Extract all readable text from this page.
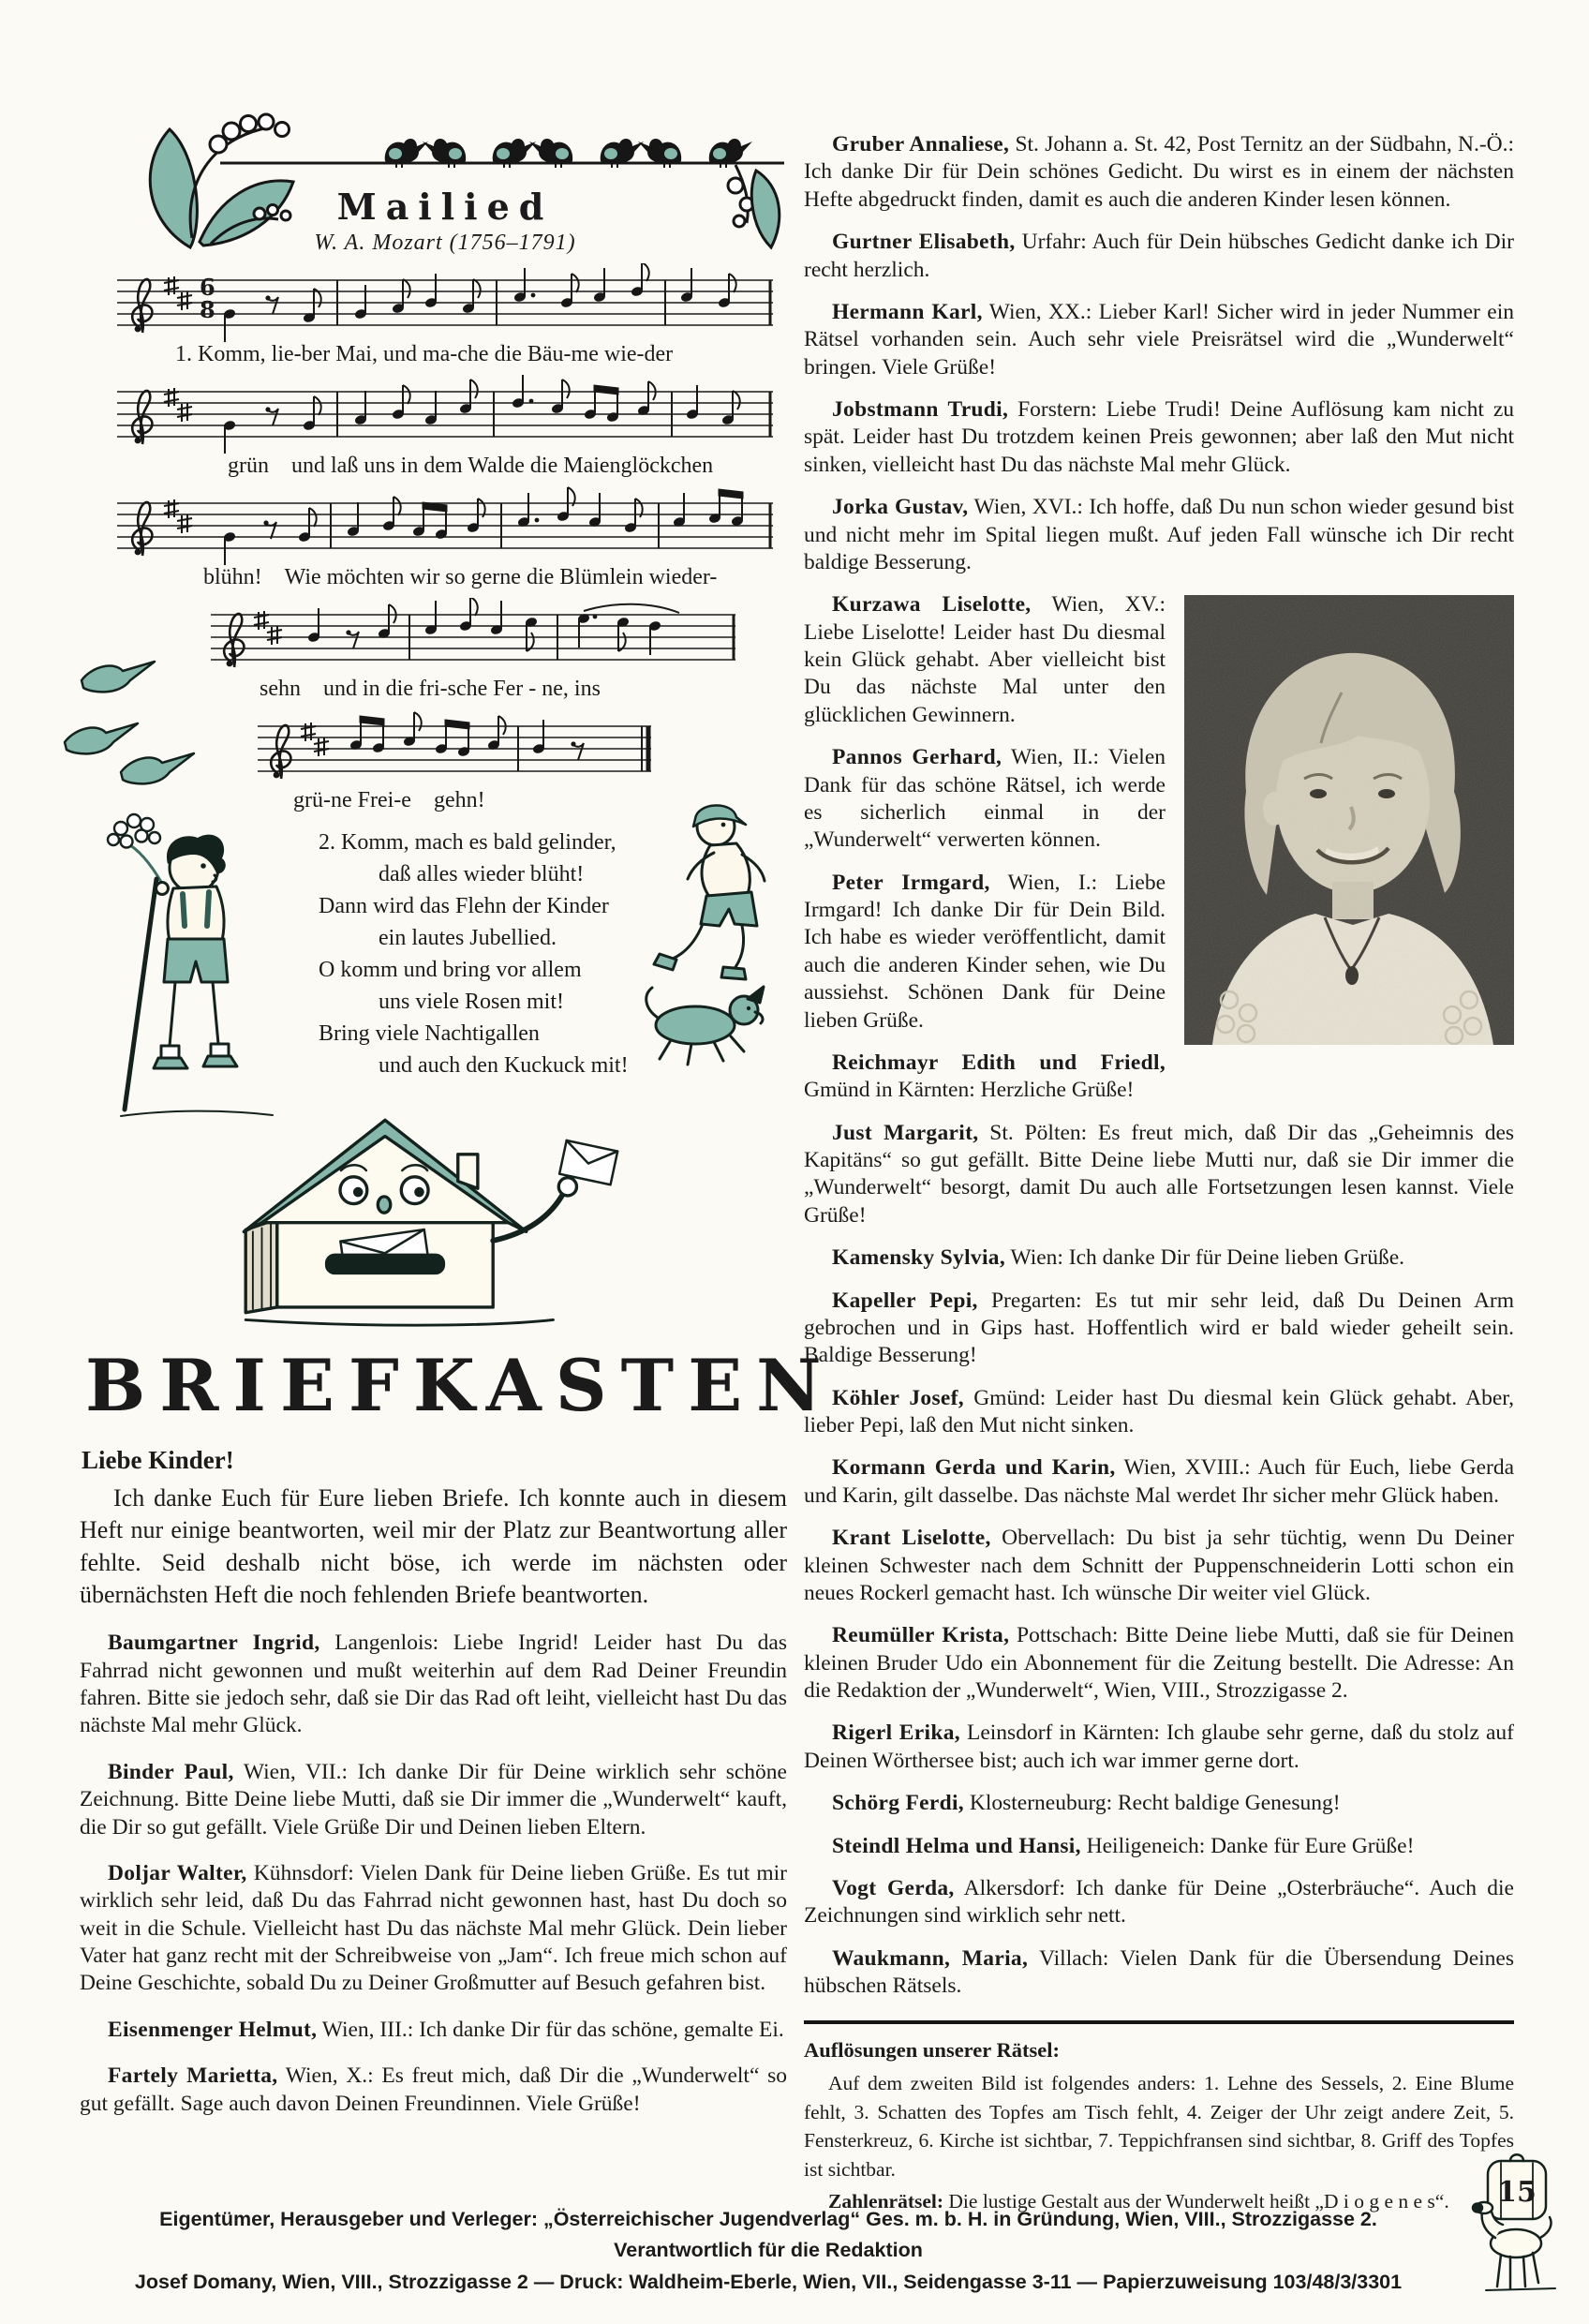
Mailied
W. A. Mozart (1756–1791)
6
8
1. Komm, lie-ber Mai, und ma-che die Bäu-me wie-der
grün und laß uns in dem Walde die Maienglöckchen
blühn! Wie möchten wir so gerne die Blümlein wieder-
sehn und in die fri-sche Fer - ne, ins
grü-ne Frei-e gehn!

2. Komm, mach es bald gelinder,

daß alles wieder blüht!

Dann wird das Flehn der Kinder

ein lautes Jubellied.

O komm und bring vor allem

uns viele Rosen mit!

Bring viele Nachtigallen

und auch den Kuckuck mit!

BRIEFKASTEN

Liebe Kinder!

Ich danke Euch für Eure lieben Briefe. Ich konnte auch in diesem Heft nur einige beantworten, weil mir der Platz zur Beantwortung aller fehlte. Seid deshalb nicht böse, ich werde im nächsten oder übernächsten Heft die noch fehlenden Briefe beantworten.

Baumgartner Ingrid, Langenlois: Liebe Ingrid! Leider hast Du das Fahrrad nicht gewonnen und mußt weiterhin auf dem Rad Deiner Freundin fahren. Bitte sie jedoch sehr, daß sie Dir das Rad oft leiht, vielleicht hast Du das nächste Mal mehr Glück.

Binder Paul, Wien, VII.: Ich danke Dir für Deine wirklich sehr schöne Zeichnung. Bitte Deine liebe Mutti, daß sie Dir immer die „Wunderwelt“ kauft, die Dir so gut gefällt. Viele Grüße Dir und Deinen lieben Eltern.

Doljar Walter, Kühnsdorf: Vielen Dank für Deine lieben Grüße. Es tut mir wirklich sehr leid, daß Du das Fahrrad nicht gewonnen hast, hast Du doch so weit in die Schule. Vielleicht hast Du das nächste Mal mehr Glück. Dein lieber Vater hat ganz recht mit der Schreibweise von „Jam“. Ich freue mich schon auf Deine Geschichte, sobald Du zu Deiner Großmutter auf Besuch gefahren bist.

Eisenmenger Helmut, Wien, III.: Ich danke Dir für das schöne, gemalte Ei.

Fartely Marietta, Wien, X.: Es freut mich, daß Dir die „Wunderwelt“ so gut gefällt. Sage auch davon Deinen Freundinnen. Viele Grüße!

Gruber Annaliese, St. Johann a. St. 42, Post Ternitz an der Südbahn, N.-Ö.: Ich danke Dir für Dein schönes Gedicht. Du wirst es in einem der nächsten Hefte abgedruckt finden, damit es auch die anderen Kinder lesen können.

Gurtner Elisabeth, Urfahr: Auch für Dein hübsches Gedicht danke ich Dir recht herzlich.

Hermann Karl, Wien, XX.: Lieber Karl! Sicher wird in jeder Nummer ein Rätsel vorhanden sein. Auch sehr viele Preisrätsel wird die „Wunderwelt“ bringen. Viele Grüße!

Jobstmann Trudi, Forstern: Liebe Trudi! Deine Auflösung kam nicht zu spät. Leider hast Du trotzdem keinen Preis gewonnen; aber laß den Mut nicht sinken, vielleicht hast Du das nächste Mal mehr Glück.

Jorka Gustav, Wien, XVI.: Ich hoffe, daß Du nun schon wieder gesund bist und nicht mehr im Spital liegen mußt. Auf jeden Fall wünsche ich Dir recht baldige Besserung.

Kurzawa Liselotte, Wien, XV.: Liebe Liselotte! Leider hast Du diesmal kein Glück gehabt. Aber vielleicht bist Du das nächste Mal unter den glücklichen Gewinnern.

Pannos Gerhard, Wien, II.: Vielen Dank für das schöne Rätsel, ich werde es sicherlich einmal in der „Wunderwelt“ verwerten können.

Peter Irmgard, Wien, I.: Liebe Irmgard! Ich danke Dir für Dein Bild. Ich habe es wieder veröffentlicht, damit auch die anderen Kinder sehen, wie Du aussiehst. Schönen Dank für Deine lieben Grüße.

Reichmayr Edith und Friedl, Gmünd in Kärnten: Herzliche Grüße!

Just Margarit, St. Pölten: Es freut mich, daß Dir das „Geheimnis des Kapitäns“ so gut gefällt. Bitte Deine liebe Mutti nur, daß sie Dir immer die „Wunderwelt“ besorgt, damit Du auch alle Fortsetzungen lesen kannst. Viele Grüße!

Kamensky Sylvia, Wien: Ich danke Dir für Deine lieben Grüße.

Kapeller Pepi, Pregarten: Es tut mir sehr leid, daß Du Deinen Arm gebrochen und in Gips hast. Hoffentlich wird er bald wieder geheilt sein. Baldige Besserung!

Köhler Josef, Gmünd: Leider hast Du diesmal kein Glück gehabt. Aber, lieber Pepi, laß den Mut nicht sinken.

Kormann Gerda und Karin, Wien, XVIII.: Auch für Euch, liebe Gerda und Karin, gilt dasselbe. Das nächste Mal werdet Ihr sicher mehr Glück haben.

Krant Liselotte, Obervellach: Du bist ja sehr tüchtig, wenn Du Deiner kleinen Schwester nach dem Schnitt der Puppenschneiderin Lotti schon ein neues Rockerl gemacht hast. Ich wünsche Dir weiter viel Glück.

Reumüller Krista, Pottschach: Bitte Deine liebe Mutti, daß sie für Deinen kleinen Bruder Udo ein Abonnement für die Zeitung bestellt. Die Adresse: An die Redaktion der „Wunderwelt“, Wien, VIII., Strozzigasse 2.

Rigerl Erika, Leinsdorf in Kärnten: Ich glaube sehr gerne, daß du stolz auf Deinen Wörthersee bist; auch ich war immer gerne dort.

Schörg Ferdi, Klosterneuburg: Recht baldige Genesung!

Steindl Helma und Hansi, Heiligeneich: Danke für Eure Grüße!

Vogt Gerda, Alkersdorf: Ich danke für Deine „Osterbräuche“. Auch die Zeichnungen sind wirklich sehr nett.

Waukmann, Maria, Villach: Vielen Dank für die Übersendung Deines hübschen Rätsels.

Auflösungen unserer Rätsel:

Auf dem zweiten Bild ist folgendes anders: 1. Lehne des Sessels, 2. Eine Blume fehlt, 3. Schatten des Topfes am Tisch fehlt, 4. Zeiger der Uhr zeigt andere Zeit, 5. Fensterkreuz, 6. Kirche ist sichtbar, 7. Teppichfransen sind sichtbar, 8. Griff des Topfes ist sichtbar.

Zahlenrätsel: Die lustige Gestalt aus der Wunderwelt heißt „D i o g e n e s“.

Eigentümer, Herausgeber und Verleger: „Österreichischer Jugendverlag“ Ges. m. b. H. in Gründung, Wien, VIII., Strozzigasse 2. Verantwortlich für die Redaktion
Josef Domany, Wien, VIII., Strozzigasse 2 — Druck: Waldheim-Eberle, Wien, VII., Seidengasse 3-11 — Papierzuweisung 103/48/3/3301
15
